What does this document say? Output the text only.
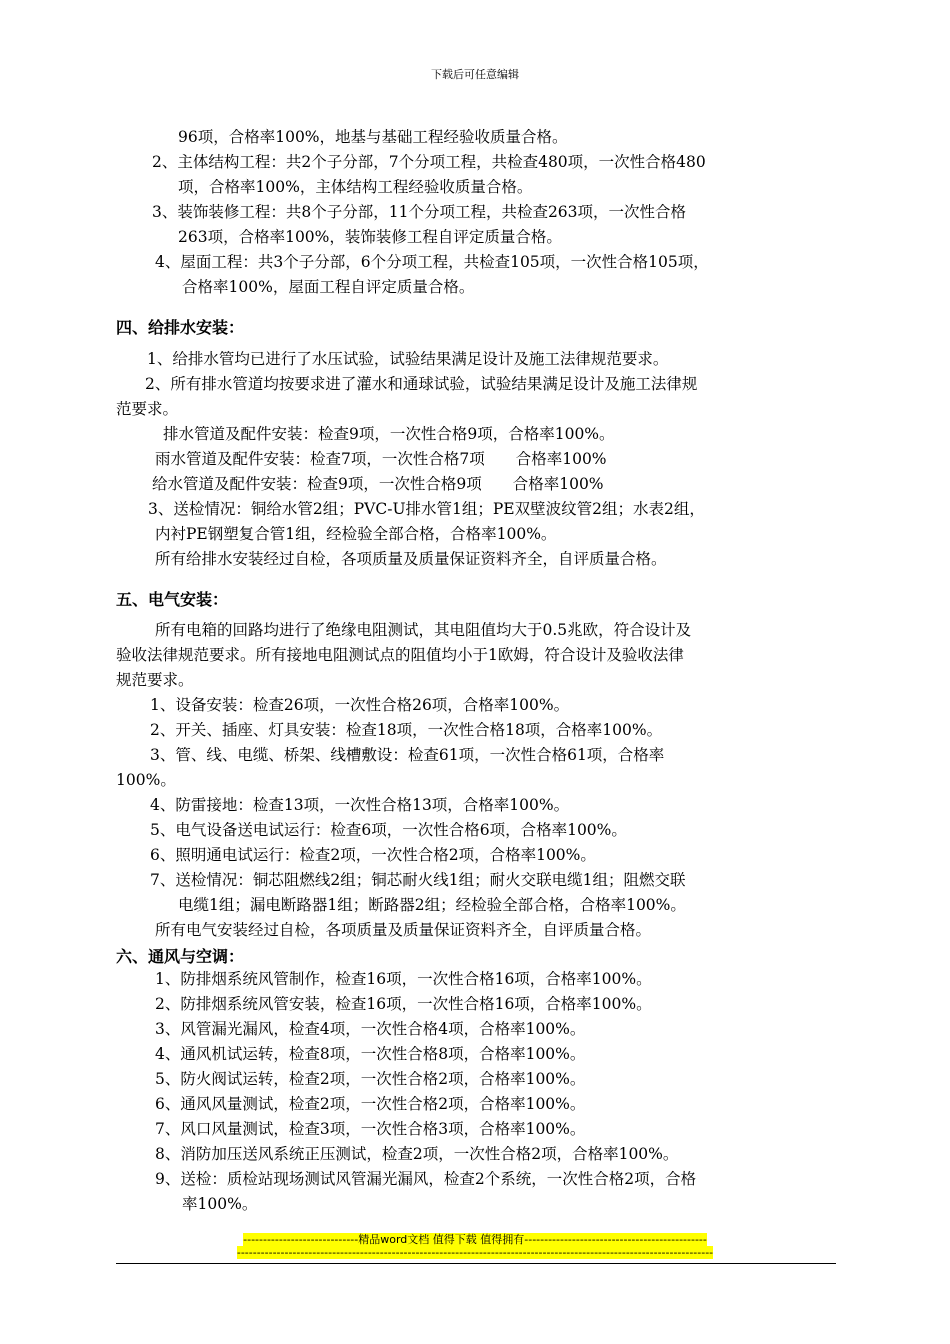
下载后可任意编辑
96项，合格率100%，地基与基础工程经验收质量合格。
2、主体结构工程：共2个子分部，7个分项工程，共检查480项，一次性合格480
项，合格率100%，主体结构工程经验收质量合格。
3、装饰装修工程：共8个子分部，11个分项工程，共检查263项，一次性合格
263项，合格率100%，装饰装修工程自评定质量合格。
4、屋面工程：共3个子分部，6个分项工程，共检查105项，一次性合格105项，
合格率100%，屋面工程自评定质量合格。
四、给排水安装：
1、给排水管均已进行了水压试验，试验结果满足设计及施工法律规范要求。
2、所有排水管道均按要求进了灌水和通球试验，试验结果满足设计及施工法律规
范要求。
排水管道及配件安装：检查9项，一次性合格9项，合格率100%。
雨水管道及配件安装：检查7项，一次性合格7项　　合格率100%
给水管道及配件安装：检查9项，一次性合格9项　　合格率100%
3、送检情况：铜给水管2组；PVC-U排水管1组；PE双壁波纹管2组；水表2组，
内衬PE钢塑复合管1组，经检验全部合格，合格率100%。
所有给排水安装经过自检，各项质量及质量保证资料齐全，自评质量合格。
五、电气安装：
所有电箱的回路均进行了绝缘电阻测试，其电阻值均大于0.5兆欧，符合设计及
验收法律规范要求。所有接地电阻测试点的阻值均小于1欧姆，符合设计及验收法律
规范要求。
1、设备安装：检查26项，一次性合格26项，合格率100%。
2、开关、插座、灯具安装：检查18项，一次性合格18项，合格率100%。
3、管、线、电缆、桥架、线槽敷设：检查61项，一次性合格61项，合格率
100%。
4、防雷接地：检查13项，一次性合格13项，合格率100%。
5、电气设备送电试运行：检查6项，一次性合格6项，合格率100%。
6、照明通电试运行：检查2项，一次性合格2项，合格率100%。
7、送检情况：铜芯阻燃线2组；铜芯耐火线1组；耐火交联电缆1组；阻燃交联
电缆1组；漏电断路器1组；断路器2组；经检验全部合格，合格率100%。
所有电气安装经过自检，各项质量及质量保证资料齐全，自评质量合格。
六、通风与空调：
1、防排烟系统风管制作，检查16项，一次性合格16项，合格率100%。
2、防排烟系统风管安装，检查16项，一次性合格16项，合格率100%。
3、风管漏光漏风，检查4项，一次性合格4项，合格率100%。
4、通风机试运转，检查8项，一次性合格8项，合格率100%。
5、防火阀试运转，检查2项，一次性合格2项，合格率100%。
6、通风风量测试，检查2项，一次性合格2项，合格率100%。
7、风口风量测试，检查3项，一次性合格3项，合格率100%。
8、消防加压送风系统正压测试，检查2项，一次性合格2项，合格率100%。
9、送检：质检站现场测试风管漏光漏风，检查2个系统，一次性合格2项，合格
率100%。
-----------------------------精品word文档 值得下载 值得拥有----------------------------------------------
------------------------------------------------------------------------------------------------------------------------
